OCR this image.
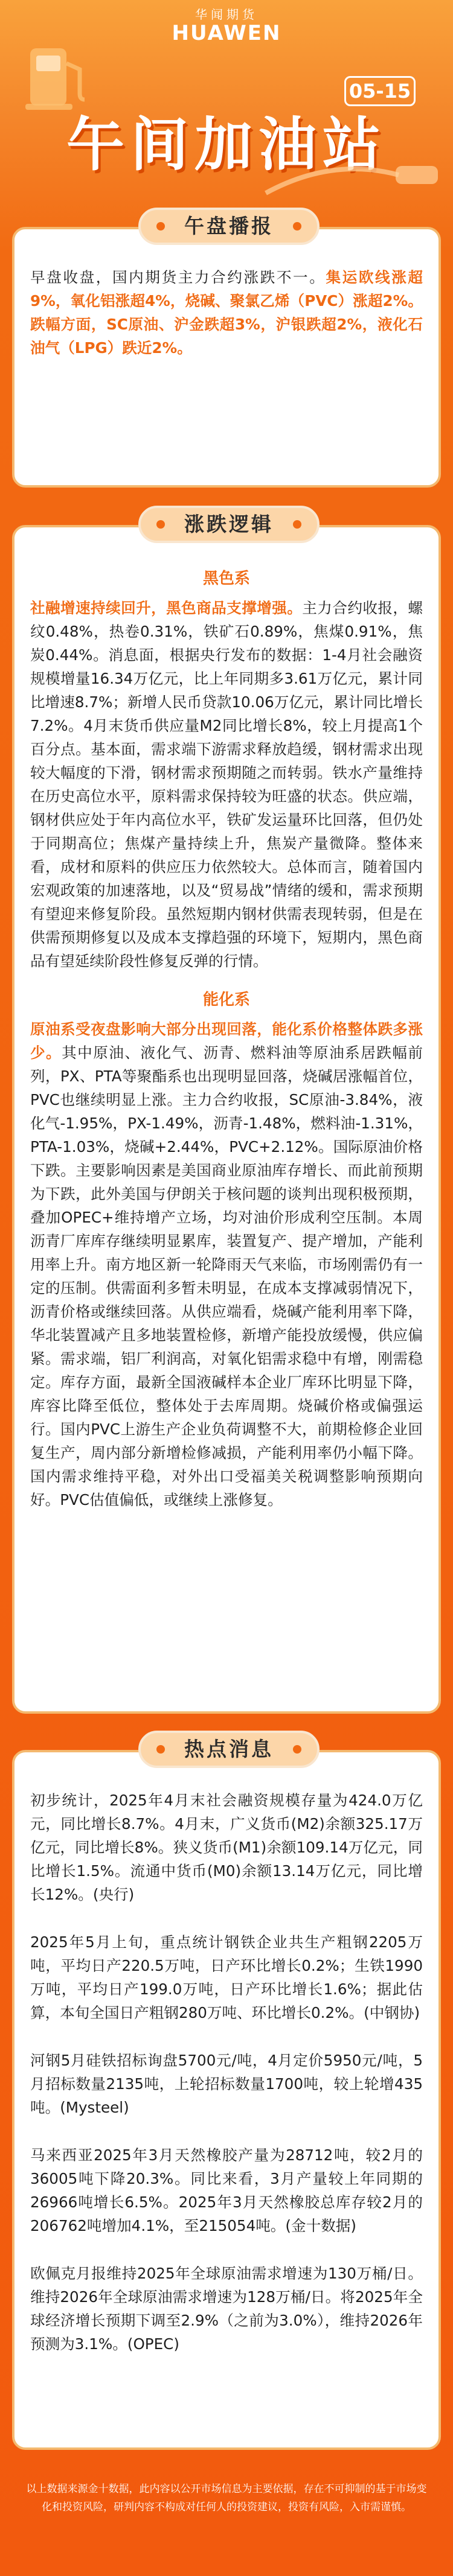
华闻期货
HUAWEN
05-15
午间加油站
午盘播报

早盘收盘，国内期货主力合约涨跌不一。集运欧线涨超9%，氧化铝涨超4%，烧碱、聚氯乙烯（PVC）涨超2%。跌幅方面，SC原油、沪金跌超3%，沪银跌超2%，液化石油气（LPG）跌近2%。

涨跌逻辑
黑色系

社融增速持续回升，黑色商品支撑增强。主力合约收报，螺纹0.48%，热卷0.31%，铁矿石0.89%，焦煤0.91%，焦炭0.44%。消息面，根据央行发布的数据：1-4月社会融资规模增量16.34万亿元，比上年同期多3.61万亿元，累计同比增速8.7%；新增人民币贷款10.06万亿元，累计同比增长7.2%。4月末货币供应量M2同比增长8%，较上月提高1个百分点。基本面，需求端下游需求释放趋缓，钢材需求出现较大幅度的下滑，钢材需求预期随之而转弱。铁水产量维持在历史高位水平，原料需求保持较为旺盛的状态。供应端，钢材供应处于年内高位水平，铁矿发运量环比回落，但仍处于同期高位；焦煤产量持续上升，焦炭产量微降。整体来看，成材和原料的供应压力依然较大。总体而言，随着国内宏观政策的加速落地，以及“贸易战”情绪的缓和，需求预期有望迎来修复阶段。虽然短期内钢材供需表现转弱，但是在供需预期修复以及成本支撑趋强的环境下，短期内，黑色商品有望延续阶段性修复反弹的行情。

能化系

原油系受夜盘影响大部分出现回落，能化系价格整体跌多涨少。其中原油、液化气、沥青、燃料油等原油系居跌幅前列，PX、PTA等聚酯系也出现明显回落，烧碱居涨幅首位，PVC也继续明显上涨。主力合约收报，SC原油-3.84%，液化气-1.95%，PX-1.49%，沥青-1.48%，燃料油-1.31%，PTA-1.03%，烧碱+2.44%，PVC+2.12%。国际原油价格下跌。主要影响因素是美国商业原油库存增长、而此前预期为下跌，此外美国与伊朗关于核问题的谈判出现积极预期，叠加OPEC+维持增产立场，均对油价形成利空压制。本周沥青厂库库存继续明显累库，装置复产、提产增加，产能利用率上升。南方地区新一轮降雨天气来临，市场刚需仍有一定的压制。供需面利多暂未明显，在成本支撑减弱情况下，沥青价格或继续回落。从供应端看，烧碱产能利用率下降，华北装置减产且多地装置检修，新增产能投放缓慢，供应偏紧。需求端，铝厂利润高，对氧化铝需求稳中有增，刚需稳定。库存方面，最新全国液碱样本企业厂库环比明显下降，库容比降至低位，整体处于去库周期。烧碱价格或偏强运行。国内PVC上游生产企业负荷调整不大，前期检修企业回复生产，周内部分新增检修减损，产能利用率仍小幅下降。国内需求维持平稳，对外出口受福美关税调整影响预期向好。PVC估值偏低，或继续上涨修复。

热点消息

初步统计，2025年4月末社会融资规模存量为424.0万亿元，同比增长8.7%。4月末，广义货币(M2)余额325.17万亿元，同比增长8%。狭义货币(M1)余额109.14万亿元，同比增长1.5%。流通中货币(M0)余额13.14万亿元，同比增长12%。(央行)

2025年5月上旬，重点统计钢铁企业共生产粗钢2205万吨，平均日产220.5万吨，日产环比增长0.2%；生铁1990万吨，平均日产199.0万吨，日产环比增长1.6%；据此估算，本旬全国日产粗钢280万吨、环比增长0.2%。(中钢协)

河钢5月硅铁招标询盘5700元/吨，4月定价5950元/吨，5月招标数量2135吨，上轮招标数量1700吨，较上轮增435吨。(Mysteel)

马来西亚2025年3月天然橡胶产量为28712吨，较2月的36005吨下降20.3%。同比来看，3月产量较上年同期的26966吨增长6.5%。2025年3月天然橡胶总库存较2月的206762吨增加4.1%，至215054吨。(金十数据)

欧佩克月报维持2025年全球原油需求增速为130万桶/日。维持2026年全球原油需求增速为128万桶/日。将2025年全球经济增长预期下调至2.9%（之前为3.0%），维持2026年预测为3.1%。(OPEC)

以上数据来源金十数据，此内容以公开市场信息为主要依据，存在不可抑制的基于市场变化和投资风险，研判内容不构成对任何人的投资建议，投资有风险，入市需谨慎。
